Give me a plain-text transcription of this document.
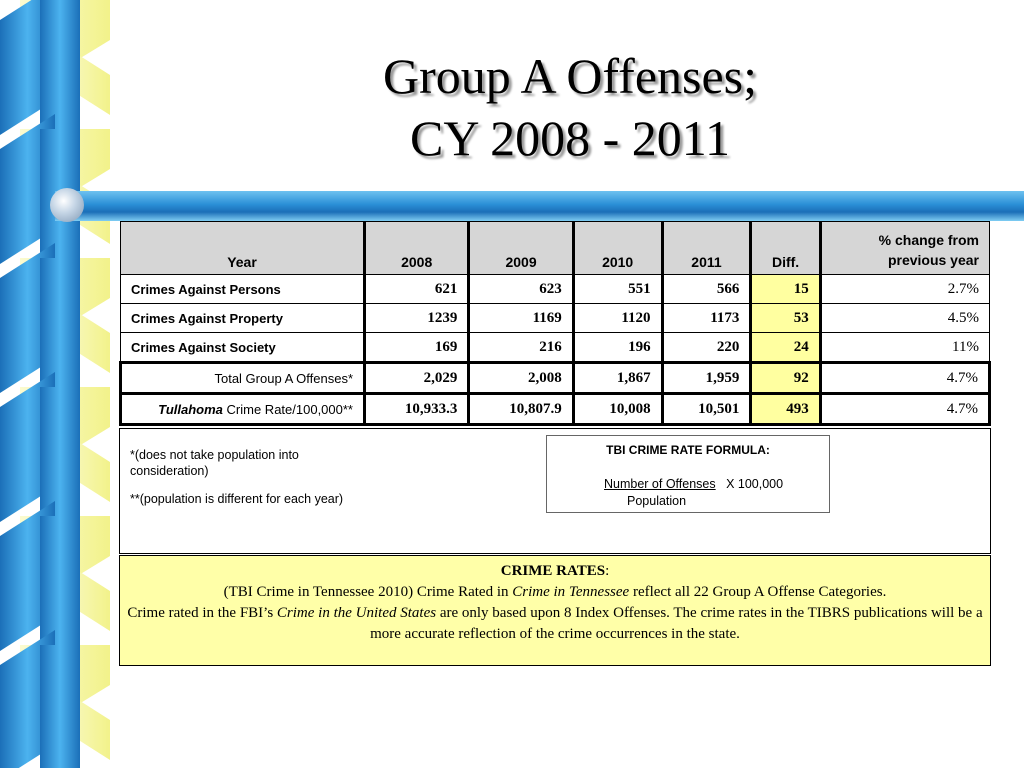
Group A Offenses;
CY 2008 - 2011
Year	2008	2009	2010	2011	Diff.	% change from
previous year

Crimes Against Persons	621	623	551	566	15	2.7%
Crimes Against Property	1239	1169	1120	1173	53	4.5%
Crimes Against Society	169	216	196	220	24	11%
Total Group A Offenses*	2,029	2,008	1,867	1,959	92	4.7%
Tullahoma Crime Rate/100,000**	10,933.3	10,807.9	10,008	10,501	493	4.7%
*(does not take population into consideration)
**(population is different for each year)
TBI CRIME RATE FORMULA:
Number of Offenses X 100,000
Population
CRIME RATES:
(TBI Crime in Tennessee 2010) Crime Rated in Crime in Tennessee reflect all 22 Group A Offense Categories.
Crime rated in the FBI’s Crime in the United States are only based upon 8 Index Offenses. The crime rates in the TIBRS publications will be a more accurate reflection of the crime occurrences in the state.
